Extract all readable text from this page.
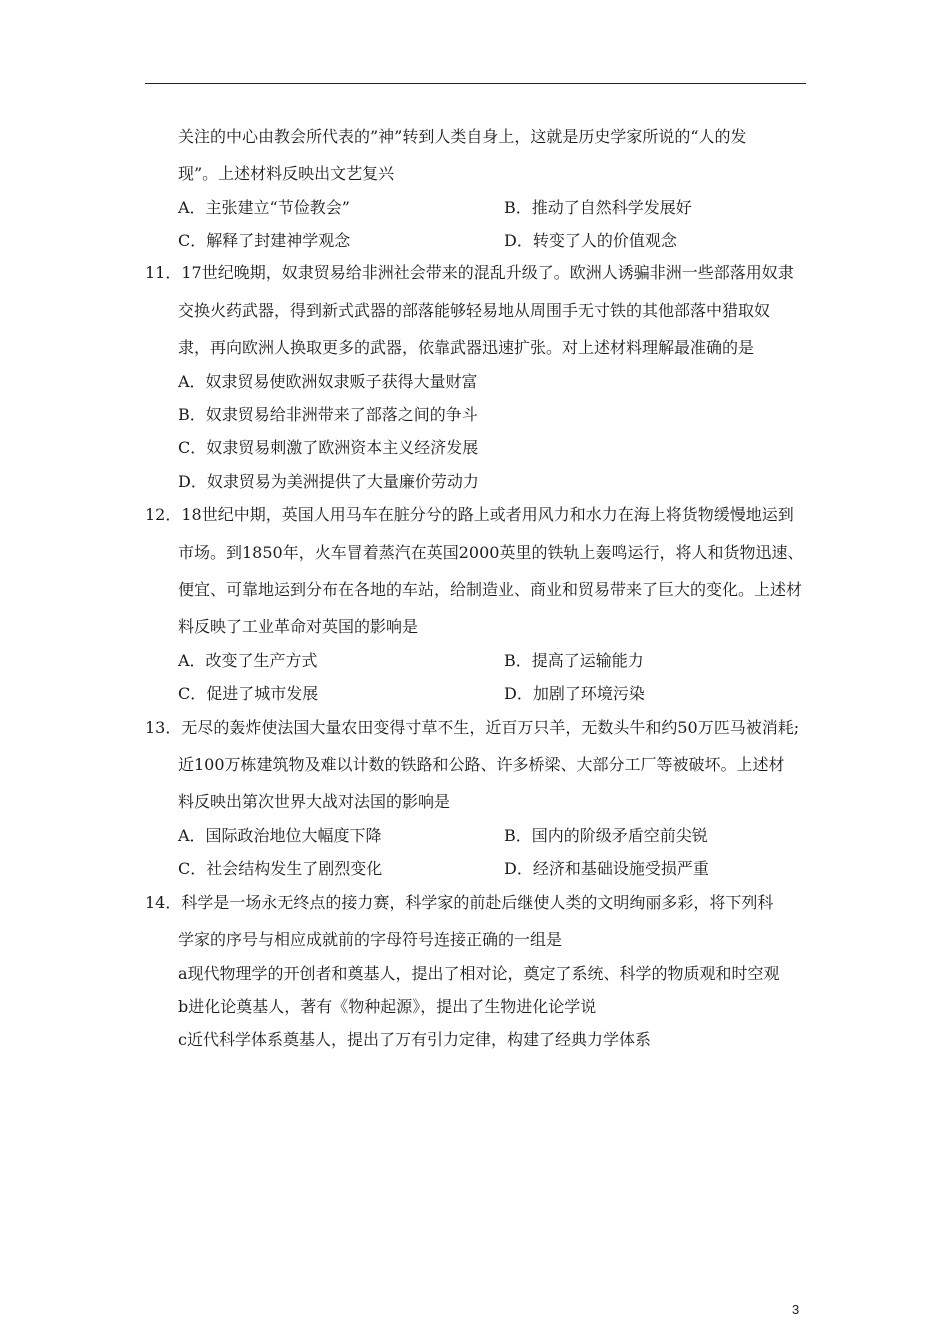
关注的中心由教会所代表的”神”转到人类自身上，这就是历史学家所说的“人的发
现”。上述材料反映出文艺复兴
A．主张建立“节俭教会”	B．推动了自然科学发展好
C．解释了封建神学观念	D．转变了人的价值观念
11．17世纪晚期，奴隶贸易给非洲社会带来的混乱升级了。欧洲人诱骗非洲一些部落用奴隶
交换火药武器，得到新式武器的部落能够轻易地从周围手无寸铁的其他部落中猎取奴
隶，再向欧洲人换取更多的武器，依靠武器迅速扩张。对上述材料理解最准确的是
A．奴隶贸易使欧洲奴隶贩子获得大量财富
B．奴隶贸易给非洲带来了部落之间的争斗
C．奴隶贸易刺激了欧洲资本主义经济发展
D．奴隶贸易为美洲提供了大量廉价劳动力
12．18世纪中期，英国人用马车在脏分兮的路上或者用风力和水力在海上将货物缓慢地运到
市场。到1850年，火车冒着蒸汽在英国2000英里的铁轨上轰鸣运行，将人和货物迅速、
便宜、可靠地运到分布在各地的车站，给制造业、商业和贸易带来了巨大的变化。上述材
料反映了工业革命对英国的影响是
A．改变了生产方式	B．提高了运输能力
C．促进了城市发展	D．加剧了环境污染
13．无尽的轰炸使法国大量农田变得寸草不生，近百万只羊，无数头牛和约50万匹马被消耗;
近100万栋建筑物及难以计数的铁路和公路、许多桥梁、大部分工厂等被破坏。上述材
料反映出第次世界大战对法国的影响是
A．国际政治地位大幅度下降	B．国内的阶级矛盾空前尖锐
C．社会结构发生了剧烈变化	D．经济和基础设施受损严重
14．科学是一场永无终点的接力赛，科学家的前赴后继使人类的文明绚丽多彩，将下列科
学家的序号与相应成就前的字母符号连接正确的一组是
a现代物理学的开创者和奠基人，提出了相对论，奠定了系统、科学的物质观和时空观
b进化论奠基人，著有《物种起源》，提出了生物进化论学说
c近代科学体系奠基人，提出了万有引力定律，构建了经典力学体系
3
